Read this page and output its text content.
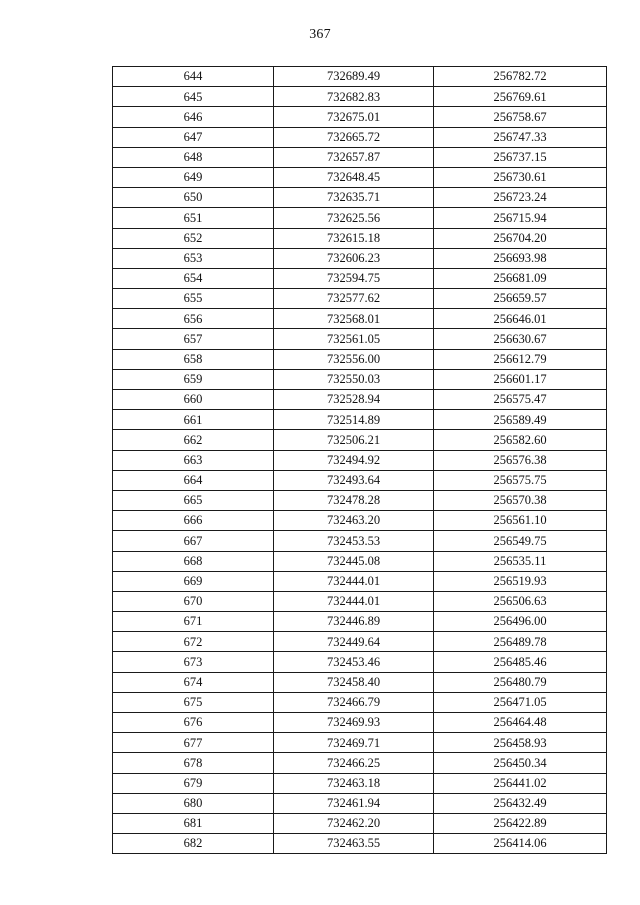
367
644	732689.49	256782.72
645	732682.83	256769.61
646	732675.01	256758.67
647	732665.72	256747.33
648	732657.87	256737.15
649	732648.45	256730.61
650	732635.71	256723.24
651	732625.56	256715.94
652	732615.18	256704.20
653	732606.23	256693.98
654	732594.75	256681.09
655	732577.62	256659.57
656	732568.01	256646.01
657	732561.05	256630.67
658	732556.00	256612.79
659	732550.03	256601.17
660	732528.94	256575.47
661	732514.89	256589.49
662	732506.21	256582.60
663	732494.92	256576.38
664	732493.64	256575.75
665	732478.28	256570.38
666	732463.20	256561.10
667	732453.53	256549.75
668	732445.08	256535.11
669	732444.01	256519.93
670	732444.01	256506.63
671	732446.89	256496.00
672	732449.64	256489.78
673	732453.46	256485.46
674	732458.40	256480.79
675	732466.79	256471.05
676	732469.93	256464.48
677	732469.71	256458.93
678	732466.25	256450.34
679	732463.18	256441.02
680	732461.94	256432.49
681	732462.20	256422.89
682	732463.55	256414.06
